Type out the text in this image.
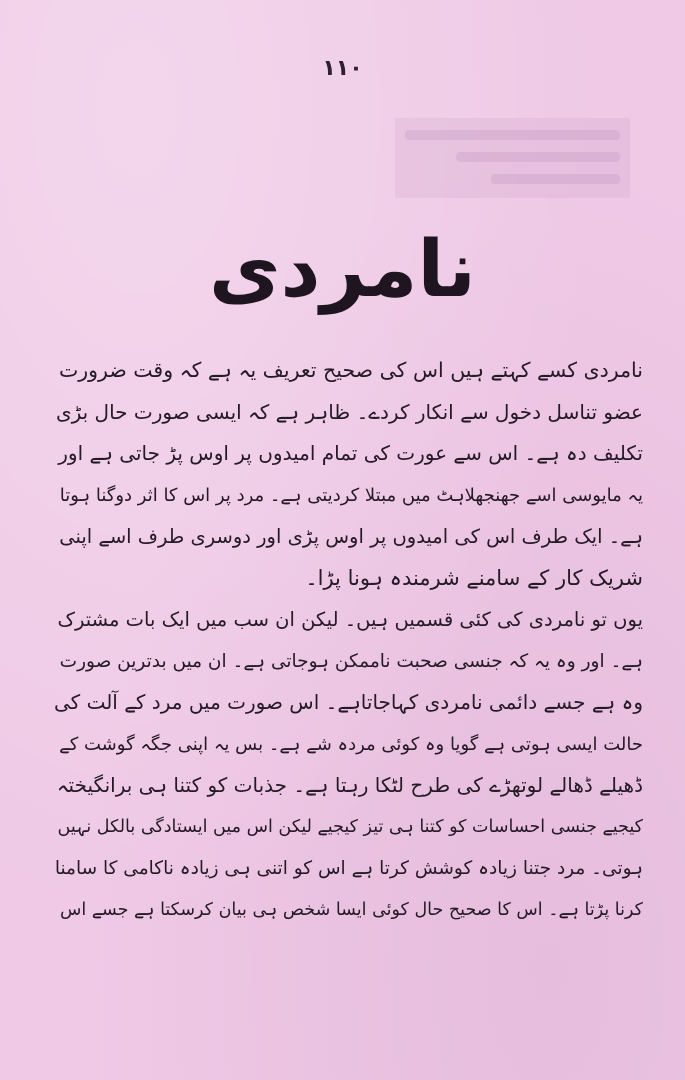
۱۱۰
نامردی

نامردی کسے کہتے ہیں اس کی صحیح تعریف یہ ہے کہ وقت ضرورت
عضو تناسل دخول سے انکار کردے۔ ظاہر ہے کہ ایسی صورت حال بڑی
تکلیف دہ ہے۔ اس سے عورت کی تمام امیدوں پر اوس پڑ جاتی ہے اور
یہ مایوسی اسے جھنجھلاہٹ میں مبتلا کردیتی ہے۔ مرد پر اس کا اثر دوگنا ہوتا
ہے۔ ایک طرف اس کی امیدوں پر اوس پڑی اور دوسری طرف اسے اپنی
شریک کار کے سامنے شرمندہ ہونا پڑا۔

یوں تو نامردی کی کئی قسمیں ہیں۔ لیکن ان سب میں ایک بات مشترک
ہے۔ اور وہ یہ کہ جنسی صحبت ناممکن ہوجاتی ہے۔ ان میں بدترین صورت
وہ ہے جسے دائمی نامردی کہاجاتاہے۔ اس صورت میں مرد کے آلت کی
حالت ایسی ہوتی ہے گویا وہ کوئی مردہ شے ہے۔ بس یہ اپنی جگہ گوشت کے
ڈھیلے ڈھالے لوتھڑے کی طرح لٹکا رہتا ہے۔ جذبات کو کتنا ہی برانگیختہ
کیجیے جنسی احساسات کو کتنا ہی تیز کیجیے لیکن اس میں ایستادگی بالکل نہیں
ہوتی۔ مرد جتنا زیادہ کوشش کرتا ہے اس کو اتنی ہی زیادہ ناکامی کا سامنا
کرنا پڑتا ہے۔ اس کا صحیح حال کوئی ایسا شخص ہی بیان کرسکتا ہے جسے اس
